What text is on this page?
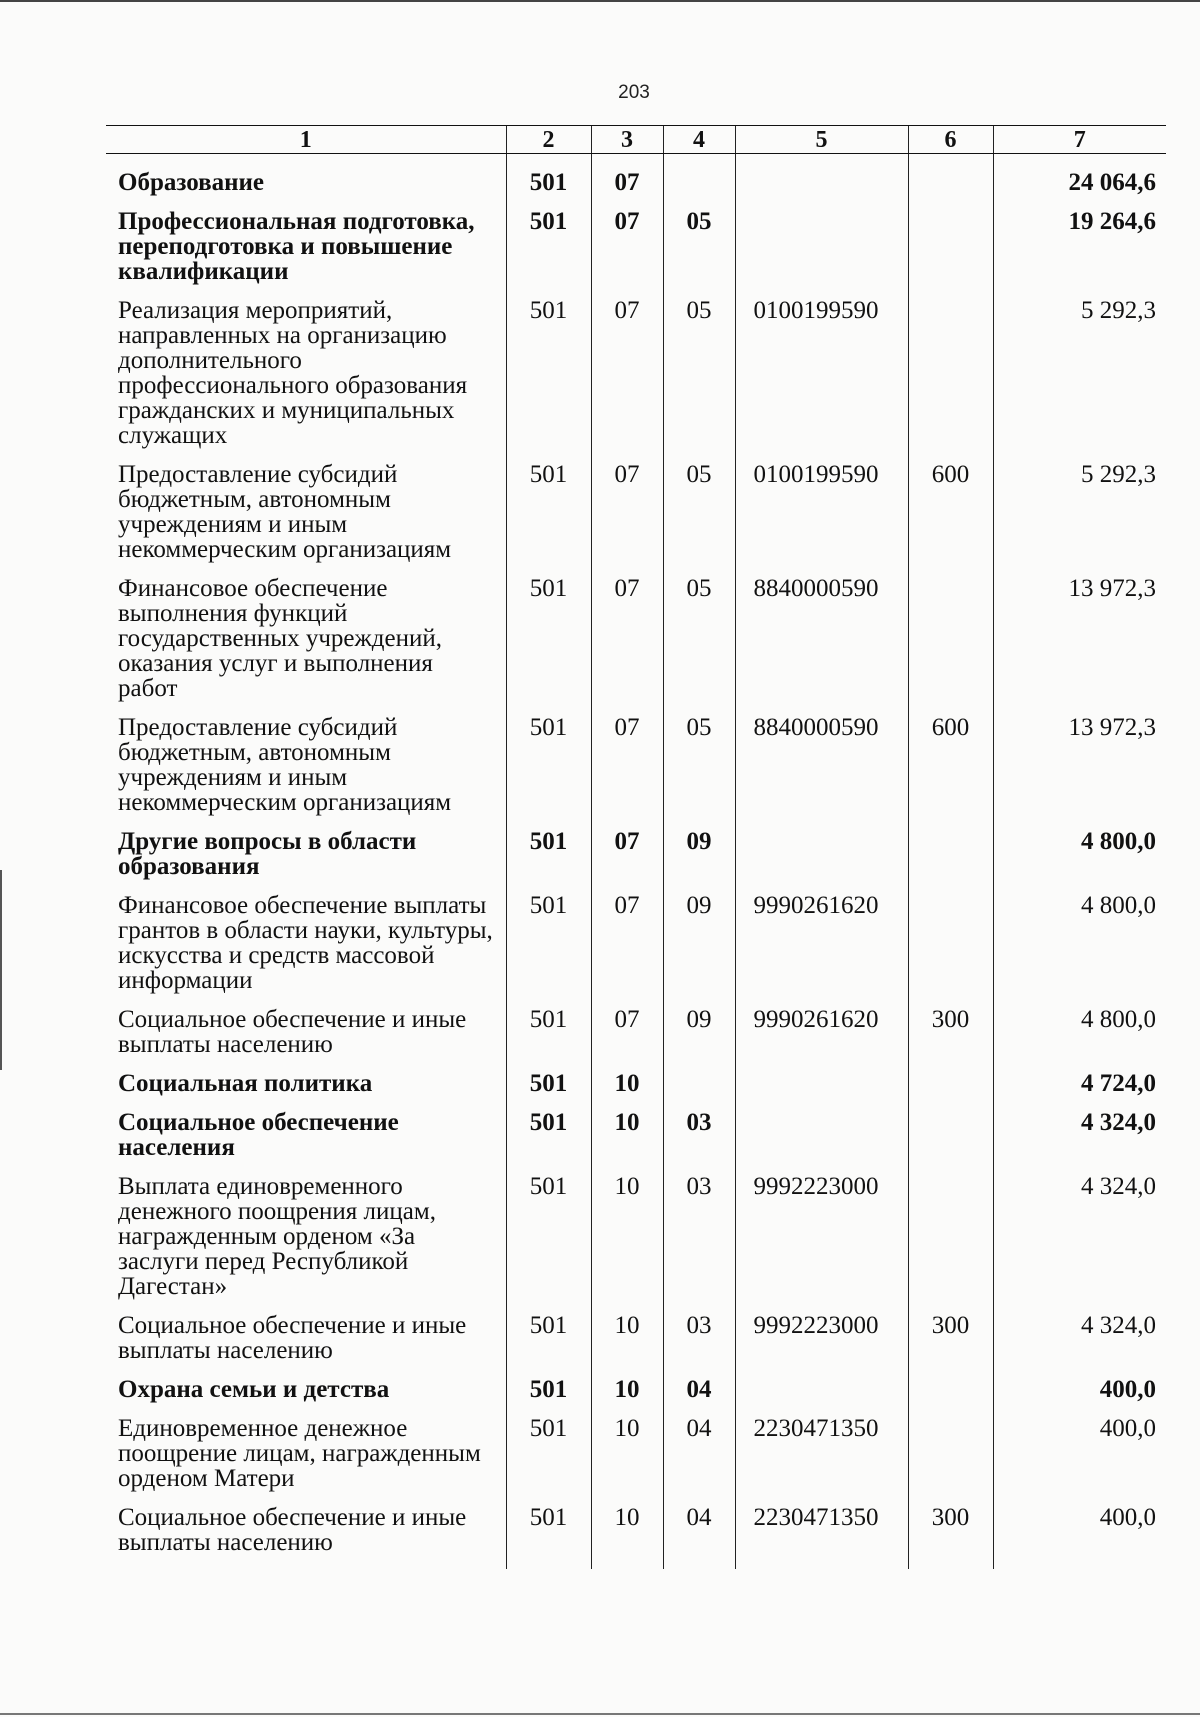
203
1	2	3	4	5	6	7
Образование	501	07				24 064,6
Профессиональная подготовка, переподготовка и повышение квалификации	501	07	05			19 264,6
Реализация мероприятий, направленных на организацию дополнительного профессионального образования гражданских и муниципальных служащих	501	07	05	0100199590		5 292,3
Предоставление субсидий бюджетным, автономным учреждениям и иным некоммерческим организациям	501	07	05	0100199590	600	5 292,3
Финансовое обеспечение выполнения функций государственных учреждений, оказания услуг и выполнения работ	501	07	05	8840000590		13 972,3
Предоставление субсидий бюджетным, автономным учреждениям и иным некоммерческим организациям	501	07	05	8840000590	600	13 972,3
Другие вопросы в области образования	501	07	09			4 800,0
Финансовое обеспечение выплаты грантов в области науки, культуры, искусства и средств массовой информации	501	07	09	9990261620		4 800,0
Социальное обеспечение и иные выплаты населению	501	07	09	9990261620	300	4 800,0
Социальная политика	501	10				4 724,0
Социальное обеспечение населения	501	10	03			4 324,0
Выплата единовременного денежного поощрения лицам, награжденным орденом «За заслуги перед Республикой Дагестан»	501	10	03	9992223000		4 324,0
Социальное обеспечение и иные выплаты населению	501	10	03	9992223000	300	4 324,0
Охрана семьи и детства	501	10	04			400,0
Единовременное денежное поощрение лицам, награжденным орденом Матери	501	10	04	2230471350		400,0
Социальное обеспечение и иные выплаты населению	501	10	04	2230471350	300	400,0
